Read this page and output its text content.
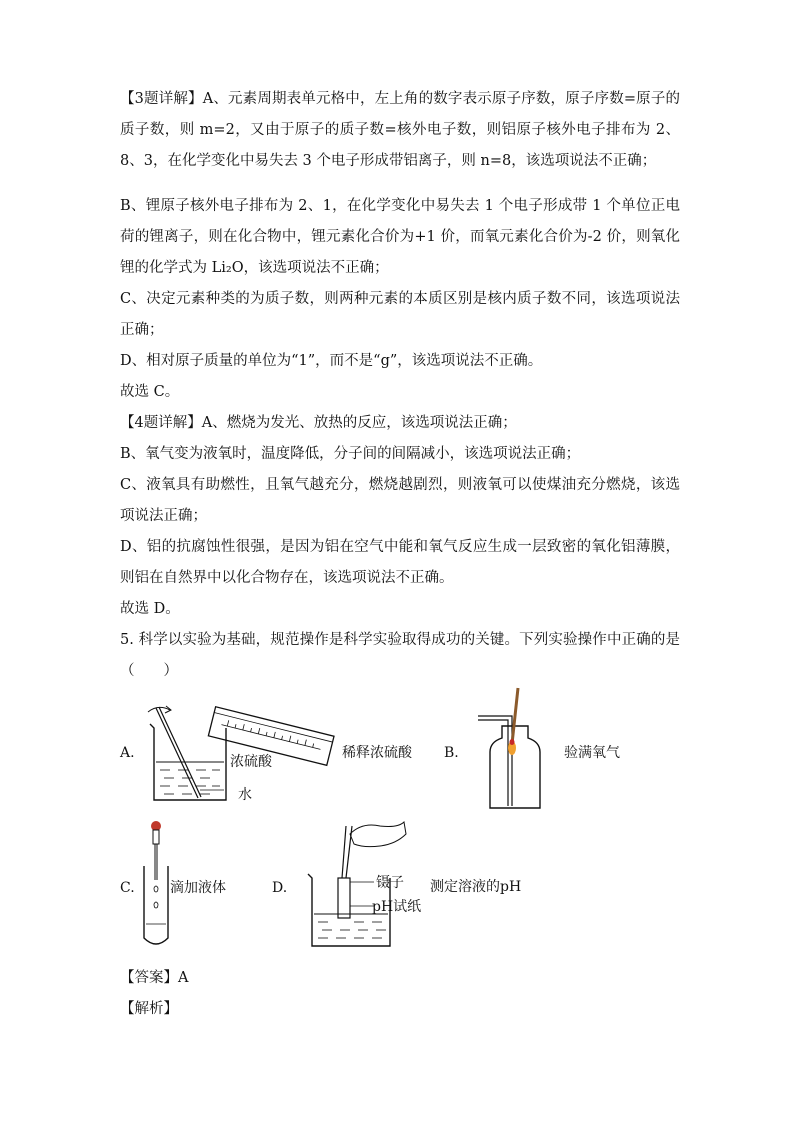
【3题详解】A、元素周期表单元格中，左上角的数字表示原子序数，原子序数=原子的质子数，则 m=2，又由于原子的质子数=核外电子数，则铝原子核外电子排布为 2、8、3，在化学变化中易失去 3 个电子形成带铝离子，则 n=8，该选项说法不正确；

B、锂原子核外电子排布为 2、1，在化学变化中易失去 1 个电子形成带 1 个单位正电荷的锂离子，则在化合物中，锂元素化合价为+1 价，而氧元素化合价为-2 价，则氧化锂的化学式为 Li₂O，该选项说法不正确；

C、决定元素种类的为质子数，则两种元素的本质区别是核内质子数不同，该选项说法正确；

D、相对原子质量的单位为“1”，而不是“g”，该选项说法不正确。

故选 C。

【4题详解】A、燃烧为发光、放热的反应，该选项说法正确；

B、氧气变为液氧时，温度降低，分子间的间隔减小，该选项说法正确；

C、液氧具有助燃性，且氧气越充分，燃烧越剧烈，则液氧可以使煤油充分燃烧，该选项说法正确；

D、铝的抗腐蚀性很强，是因为铝在空气中能和氧气反应生成一层致密的氧化铝薄膜，则铝在自然界中以化合物存在，该选项说法不正确。

故选 D。

5. 科学以实验为基础，规范操作是科学实验取得成功的关键。下列实验操作中正确的是（　　）

A.
浓硫酸
水
稀释浓硫酸 B.	验满氧气
C.	滴加液体	D.	镊子
pH试纸
测定溶液的pH

【答案】A

【解析】
